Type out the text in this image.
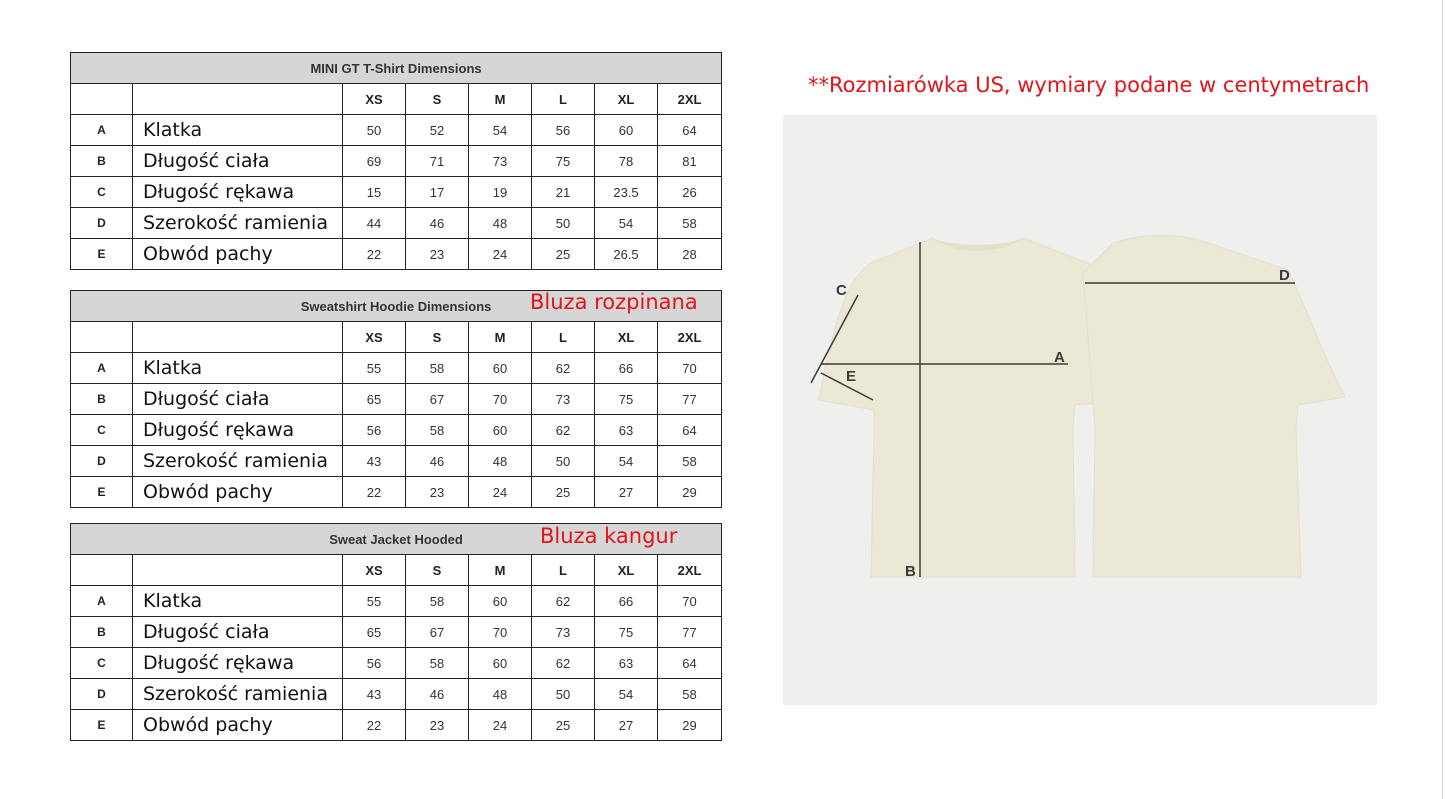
MINI GT T-Shirt Dimensions							
		XS	S	M	L	XL	2XL
A	Klatka	50	52	54	56	60	64
B	Długość ciała	69	71	73	75	78	81
C	Długość rękawa	15	17	19	21	23.5	26
D	Szerokość ramienia	44	46	48	50	54	58
E	Obwód pachy	22	23	24	25	26.5	28
Sweatshirt Hoodie Dimensions							
		XS	S	M	L	XL	2XL
A	Klatka	55	58	60	62	66	70
B	Długość ciała	65	67	70	73	75	77
C	Długość rękawa	56	58	60	62	63	64
D	Szerokość ramienia	43	46	48	50	54	58
E	Obwód pachy	22	23	24	25	27	29
Sweat Jacket Hooded							
		XS	S	M	L	XL	2XL
A	Klatka	55	58	60	62	66	70
B	Długość ciała	65	67	70	73	75	77
C	Długość rękawa	56	58	60	62	63	64
D	Szerokość ramienia	43	46	48	50	54	58
E	Obwód pachy	22	23	24	25	27	29
Bluza rozpinana
Bluza kangur
**Rozmiarówka US, wymiary podane w centymetrach
A
B
C
D
E
